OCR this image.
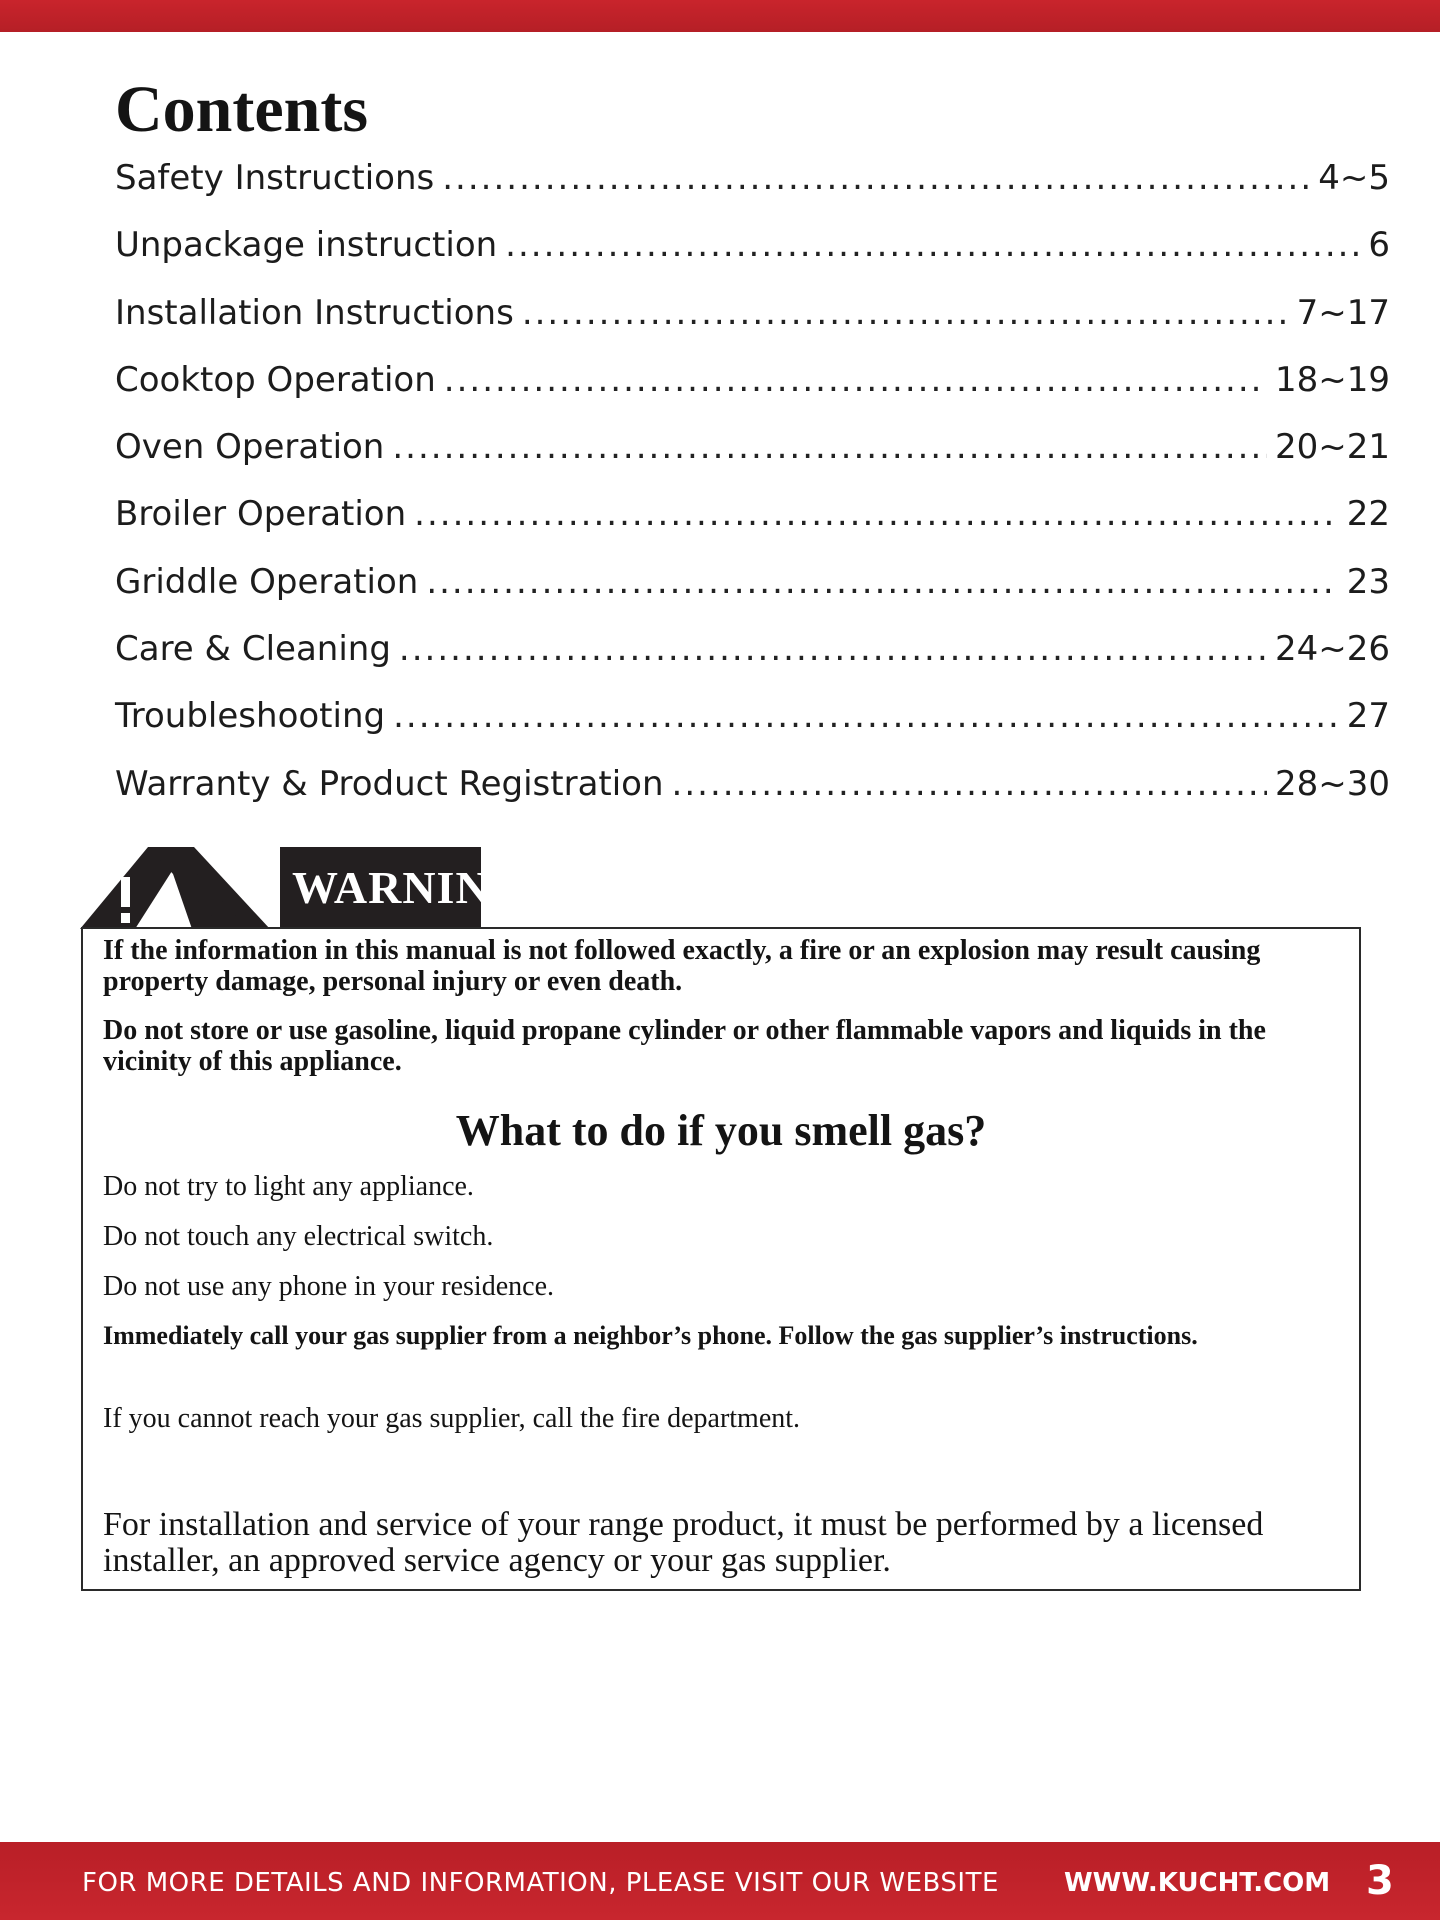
Contents
Safety Instructions .....	4~5
Unpackage instruction .....	6
Installation Instructions .....	7~17
Cooktop Operation .....	18~19
Oven Operation .....	20~21
Broiler Operation .....	22
Griddle Operation .....	23
Care & Cleaning .....	24~26
Troubleshooting .....	27
Warranty & Product Registration .....	28~30
WARNING

If the information in this manual is not followed exactly, a fire or an explosion may result causing property damage, personal injury or even death.

Do not store or use gasoline, liquid propane cylinder or other flammable vapors and liquids in the vicinity of this appliance.

What to do if you smell gas?

Do not try to light any appliance.

Do not touch any electrical switch.

Do not use any phone in your residence.

Immediately call your gas supplier from a neighbor’s phone. Follow the gas supplier’s instructions.

If you cannot reach your gas supplier, call the fire department.

For installation and service of your range product, it must be performed by a licensed installer, an approved service agency or your gas supplier.

FOR MORE DETAILS AND INFORMATION, PLEASE VISIT OUR WEBSITE	WWW.KUCHT.COM 3
